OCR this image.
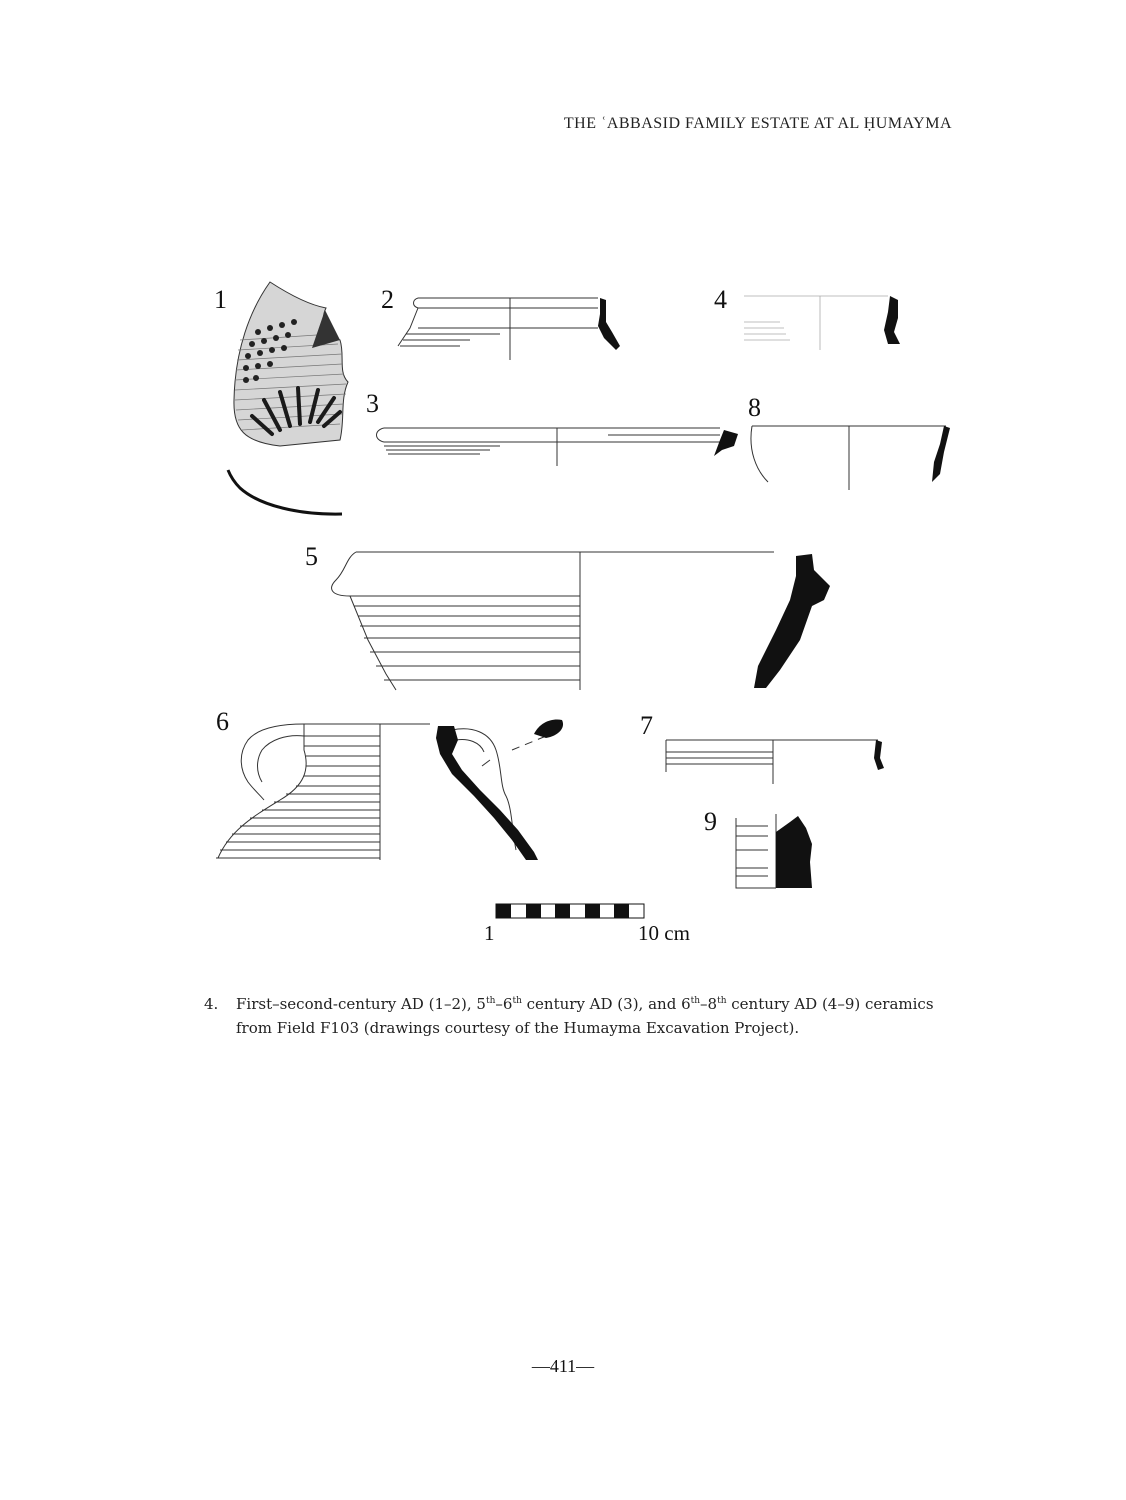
THE ʿABBASID FAMILY ESTATE AT AL ḤUMAYMA
1	2
3
4
5
6	7
8
9
1	10 cm
4.	First–second-century AD (1–2), 5th–6th century AD (3), and 6th–8th century AD (4–9) ceramics from Field F103 (drawings courtesy of the Humayma Excavation Project).
—411—
